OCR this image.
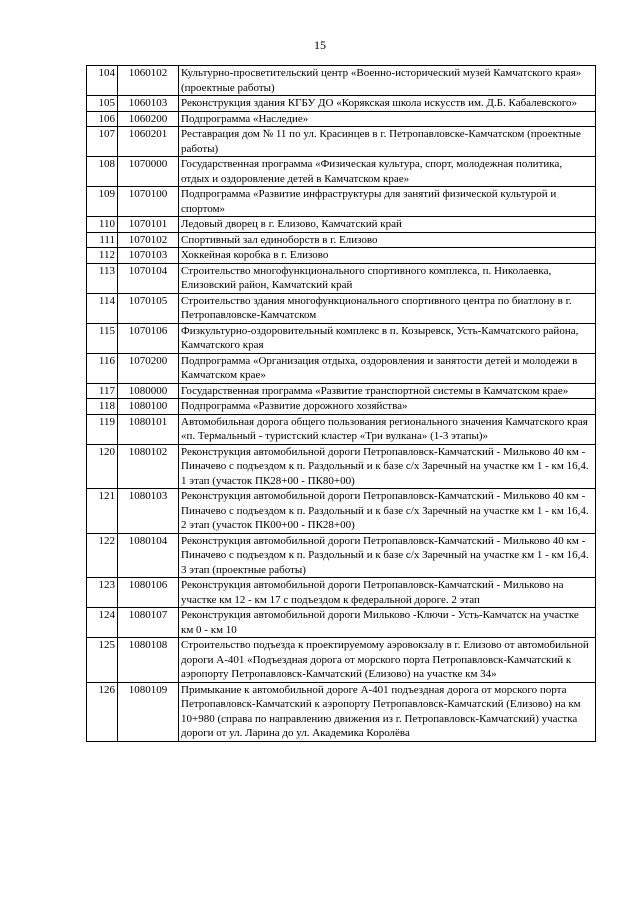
15
104	1060102	Культурно-просветительский центр «Военно-исторический музей Камчатского края» (проектные работы)
105	1060103	Реконструкция здания КГБУ ДО «Корякская школа искусств им. Д.Б. Кабалевского»
106	1060200	Подпрограмма «Наследие»
107	1060201	Реставрация дом № 11 по ул. Красинцев в г. Петропавловске-Камчатском (проектные работы)
108	1070000	Государственная программа «Физическая культура, спорт, молодежная политика, отдых и оздоровление детей в Камчатском крае»
109	1070100	Подпрограмма «Развитие инфраструктуры для занятий физической культурой и спортом»
110	1070101	Ледовый дворец в г. Елизово, Камчатский край
111	1070102	Спортивный зал единоборств в г. Елизово
112	1070103	Хоккейная коробка в г. Елизово
113	1070104	Строительство многофункционального спортивного комплекса, п. Николаевка, Елизовский район, Камчатский край
114	1070105	Строительство здания многофункционального спортивного центра по биатлону в г. Петропавловске-Камчатском
115	1070106	Физкультурно-оздоровительный комплекс в п. Козыревск, Усть-Камчатского района, Камчатского края
116	1070200	Подпрограмма «Организация отдыха, оздоровления и занятости детей и молодежи в Камчатском крае»
117	1080000	Государственная программа «Развитие транспортной системы в Камчатском крае»
118	1080100	Подпрограмма «Развитие дорожного хозяйства»
119	1080101	Автомобильная дорога общего пользования регионального значения Камчатского края «п. Термальный - туристский кластер «Три вулкана» (1-3 этапы)»
120	1080102	Реконструкция автомобильной дороги Петропавловск-Камчатский - Мильково 40 км - Пиначево с подъездом к п. Раздольный и к базе с/х Заречный на участке км 1 - км 16,4. 1 этап (участок ПК28+00 - ПК80+00)
121	1080103	Реконструкция автомобильной дороги Петропавловск-Камчатский - Мильково 40 км - Пиначево с подъездом к п. Раздольный и к базе с/х Заречный на участке км 1 - км 16,4. 2 этап (участок ПК00+00 - ПК28+00)
122	1080104	Реконструкция автомобильной дороги Петропавловск-Камчатский - Мильково 40 км - Пиначево с подъездом к п. Раздольный и к базе с/х Заречный на участке км 1 - км 16,4. 3 этап (проектные работы)
123	1080106	Реконструкция автомобильной дороги Петропавловск-Камчатский - Мильково на участке км 12 - км 17 с подъездом к федеральной дороге. 2 этап
124	1080107	Реконструкция автомобильной дороги Мильково -Ключи - Усть-Камчатск на участке км 0 - км 10
125	1080108	Строительство подъезда к проектируемому аэровокзалу в г. Елизово от автомобильной дороги А-401 «Подъездная дорога от морского порта Петропавловск-Камчатский к аэропорту Петропавловск-Камчатский (Елизово) на участке км 34»
126	1080109	Примыкание к автомобильной дороге А-401 подъездная дорога от морского порта Петропавловск-Камчатский к аэропорту Петропавловск-Камчатский (Елизово) на км 10+980 (справа по направлению движения из г. Петропавловск-Камчатский) участка дороги от ул. Ларина до ул. Академика Королёва
